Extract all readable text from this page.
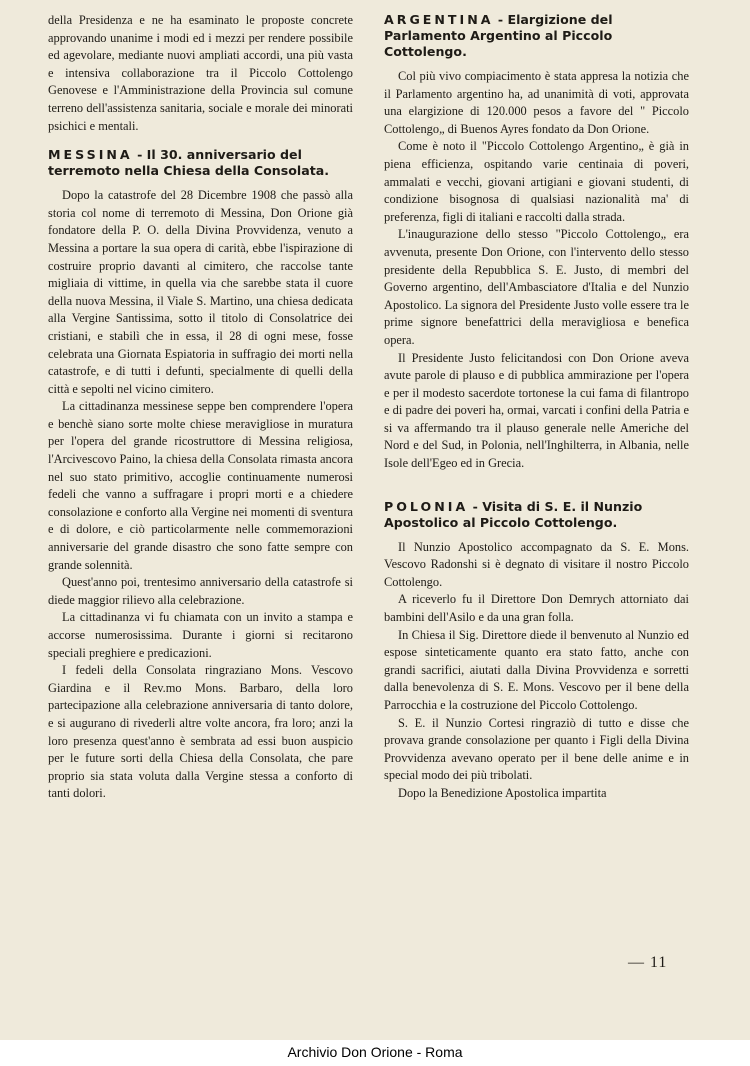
della Presidenza e ne ha esaminato le proposte concrete approvando unanime i modi ed i mezzi per rendere possibile ed agevolare, mediante nuovi ampliati accordi, una più vasta e intensiva collaborazione tra il Piccolo Cottolengo Genovese e l'Amministrazione della Provincia sul comune terreno dell'assistenza sanitaria, sociale e morale dei minorati psichici e mentali.

MESSINA - Il 30. anniversario del terremoto nella Chiesa della Consolata.

Dopo la catastrofe del 28 Dicembre 1908 che passò alla storia col nome di terremoto di Messina, Don Orione già fondatore della P. O. della Divina Provvidenza, venuto a Messina a portare la sua opera di carità, ebbe l'ispirazione di costruire proprio davanti al cimitero, che raccolse tante migliaia di vittime, in quella via che sarebbe stata il cuore della nuova Messina, il Viale S. Martino, una chiesa dedicata alla Vergine Santissima, sotto il titolo di Consolatrice dei cristiani, e stabilì che in essa, il 28 di ogni mese, fosse celebrata una Giornata Espiatoria in suffragio dei morti nella catastrofe, e di tutti i defunti, specialmente di quelli della città e sepolti nel vicino cimitero.

La cittadinanza messinese seppe ben comprendere l'opera e benchè siano sorte molte chiese meravigliose in muratura per l'opera del grande ricostruttore di Messina religiosa, l'Arcivescovo Paino, la chiesa della Consolata rimasta ancora nel suo stato primitivo, accoglie continuamente numerosi fedeli che vanno a suffragare i propri morti e a chiedere consolazione e conforto alla Vergine nei momenti di sventura e di dolore, e ciò particolarmente nelle commemorazioni anniversarie del grande disastro che sono fatte sempre con grande solennità.

Quest'anno poi, trentesimo anniversario della catastrofe si diede maggior rilievo alla celebrazione.

La cittadinanza vi fu chiamata con un invito a stampa e accorse numerosissima. Durante i giorni si recitarono speciali preghiere e predicazioni.

I fedeli della Consolata ringraziano Mons. Vescovo Giardina e il Rev.mo Mons. Barbaro, della loro partecipazione alla celebrazione anniversaria di tanto dolore, e si augurano di rivederli altre volte ancora, fra loro; anzi la loro presenza quest'anno è sembrata ad essi buon auspicio per le future sorti della Chiesa della Consolata, che pare proprio sia stata voluta dalla Vergine stessa a conforto di tanti dolori.

ARGENTINA - Elargizione del Parlamento Argentino al Piccolo Cottolengo.

Col più vivo compiacimento è stata appresa la notizia che il Parlamento argentino ha, ad unanimità di voti, approvata una elargizione di 120.000 pesos a favore del " Piccolo Cottolengo„ di Buenos Ayres fondato da Don Orione.

Come è noto il "Piccolo Cottolengo Argentino„ è già in piena efficienza, ospitando varie centinaia di poveri, ammalati e vecchi, giovani artigiani e giovani studenti, di condizione bisognosa di qualsiasi nazionalità ma' di preferenza, figli di italiani e raccolti dalla strada.

L'inaugurazione dello stesso "Piccolo Cottolengo„ era avvenuta, presente Don Orione, con l'intervento dello stesso presidente della Repubblica S. E. Justo, di membri del Governo argentino, dell'Ambasciatore d'Italia e del Nunzio Apostolico. La signora del Presidente Justo volle essere tra le prime signore benefattrici della meravigliosa e benefica opera.

Il Presidente Justo felicitandosi con Don Orione aveva avute parole di plauso e di pubblica ammirazione per l'opera e per il modesto sacerdote tortonese la cui fama di filantropo e di padre dei poveri ha, ormai, varcati i confini della Patria e si va affermando tra il plauso generale nelle Americhe del Nord e del Sud, in Polonia, nell'Inghilterra, in Albania, nelle Isole dell'Egeo ed in Grecia.

POLONIA - Visita di S. E. il Nunzio Apostolico al Piccolo Cottolengo.

Il Nunzio Apostolico accompagnato da S. E. Mons. Vescovo Radonshi si è degnato di visitare il nostro Piccolo Cottolengo.

A riceverlo fu il Direttore Don Demrych attorniato dai bambini dell'Asilo e da una gran folla.

In Chiesa il Sig. Direttore diede il benvenuto al Nunzio ed espose sinteticamente quanto era stato fatto, anche con grandi sacrifici, aiutati dalla Divina Provvidenza e sorretti dalla benevolenza di S. E. Mons. Vescovo per il bene della Parrocchia e la costruzione del Piccolo Cottolengo.

S. E. il Nunzio Cortesi ringraziò di tutto e disse che provava grande consolazione per quanto i Figli della Divina Provvidenza avevano operato per il bene delle anime e in special modo dei più tribolati.

Dopo la Benedizione Apostolica impartita

— 11
Archivio Don Orione - Roma
